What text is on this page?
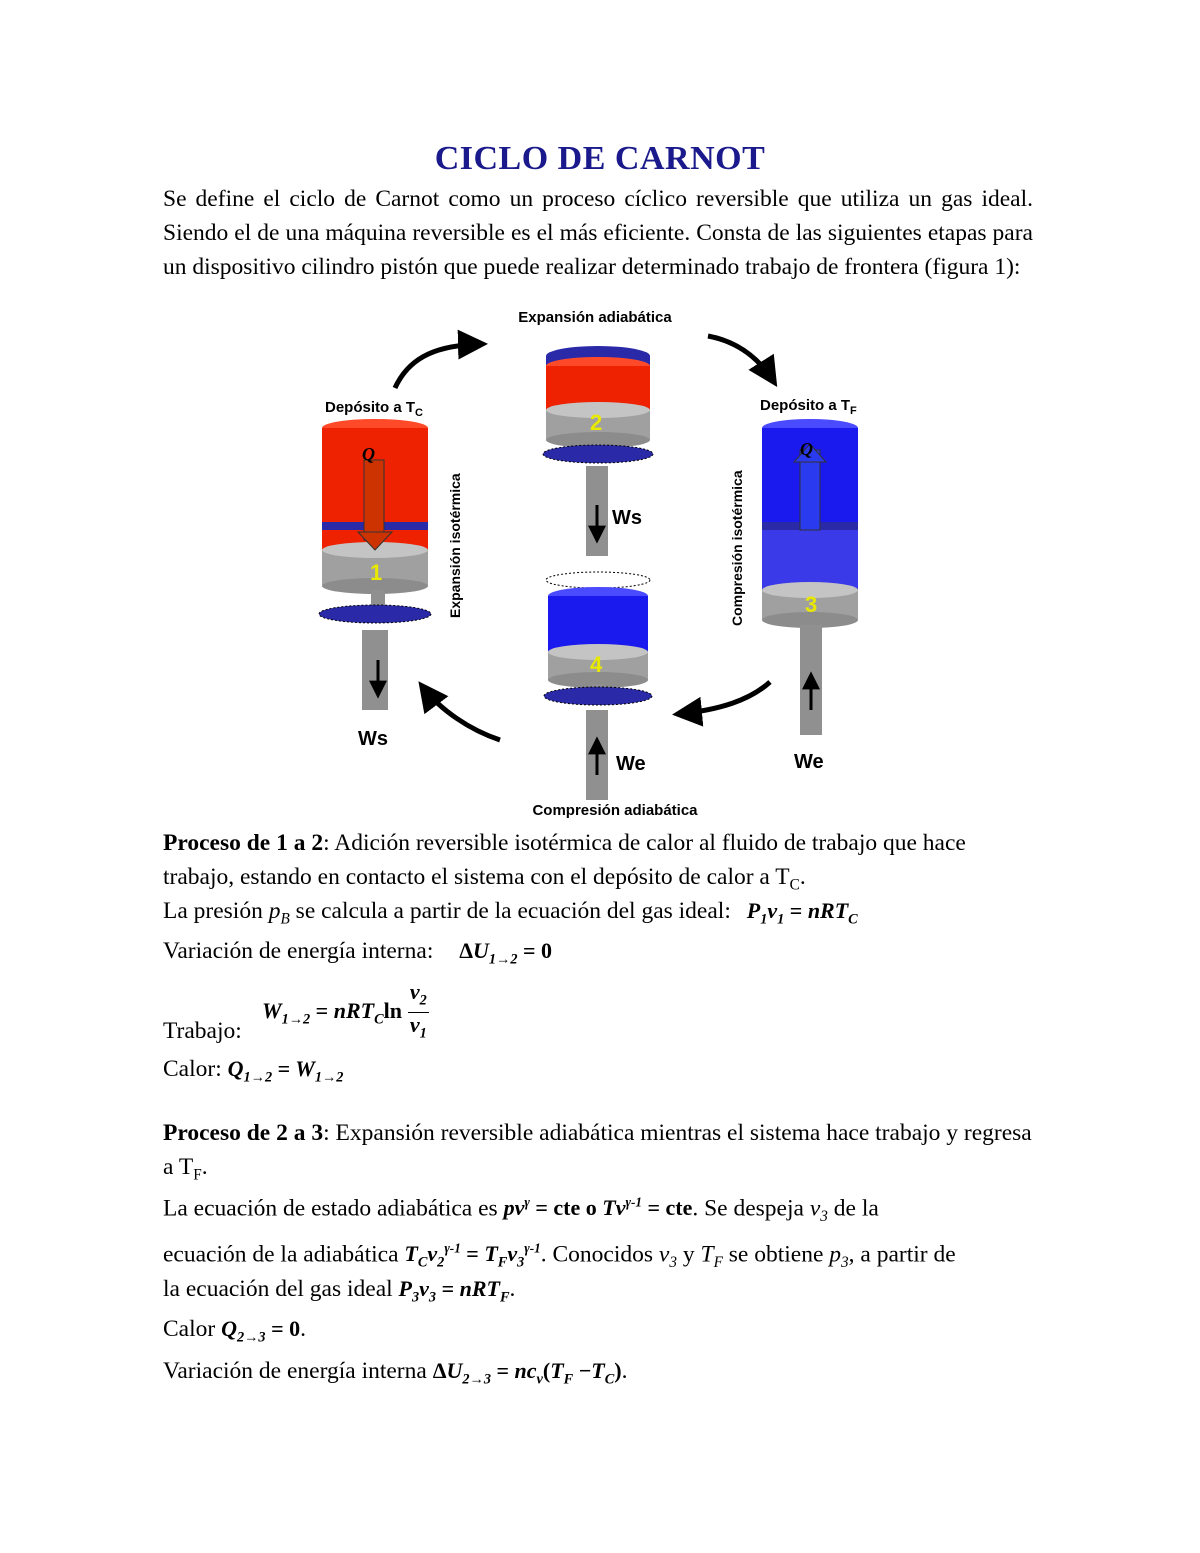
CICLO DE CARNOT
Se define el ciclo de Carnot como un proceso cíclico reversible que utiliza un gas ideal. Siendo el de una máquina reversible es el más eficiente. Consta de las siguientes etapas para un dispositivo cilindro pistón que puede realizar determinado trabajo de frontera (figura 1):
Expansión adiabática
Compresión adiabática
Depósito a $T_C$
Q
1
Ws
Expansión isotérmica
2
Ws
Depósito a $T_F$
Q
3
We
Compresión isotérmica
4
We
Proceso de 1 a 2: Adición reversible isotérmica de calor al fluido de trabajo que hace trabajo, estando en contacto el sistema con el depósito de calor a $T_C$.
La presión $p_B$ se calcula a partir de la ecuación del gas ideal: $P_1v_1 = nRT_C$
Variación de energía interna: $\Delta U_{1\to 2} = 0$
$W_{1\to 2} = nRT_C\ln \frac{v_2}{v_1}$
Trabajo:
Calor: $Q_{1\to 2} = W_{1\to 2}$
Proceso de 2 a 3: Expansión reversible adiabática mientras el sistema hace trabajo y regresa a $T_F$.
La ecuación de estado adiabática es $pv^\gamma$ = cte o $Tv^{\gamma-1}$ = cte. Se despeja $v_3$ de la
ecuación de la adiabática $T_Cv_2^{\gamma-1} = T_Fv_3^{\gamma-1}$. Conocidos $v_3$ y $T_F$ se obtiene $p_3$, a partir de
la ecuación del gas ideal $P_3v_3 = nRT_F$.
Calor $Q_{2\to 3} = 0$.
Variación de energía interna $\Delta U_{2\to 3} = nc_v(T_F -T_C)$.
